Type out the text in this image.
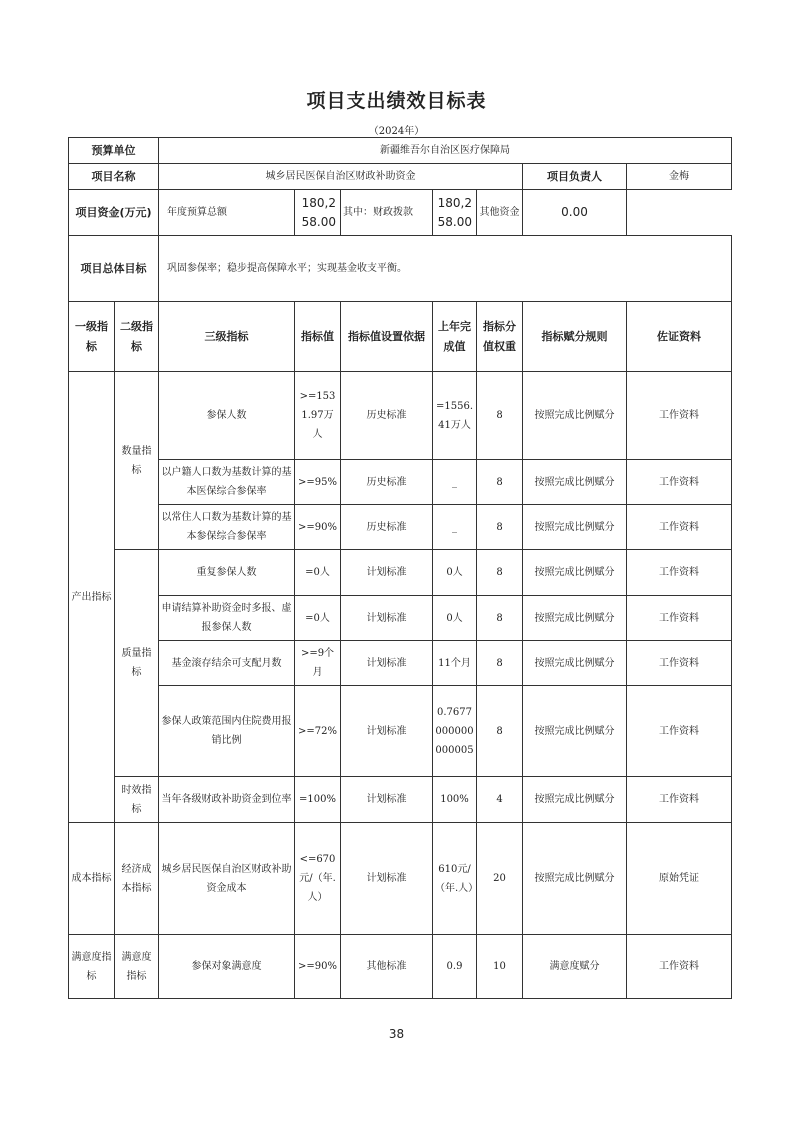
项目支出绩效目标表
（2024年）
预算单位		新疆维吾尔自治区医疗保障局						
项目名称		城乡居民医保自治区财政补助资金					项目负责人	金梅
项目资金(万元)		年度预算总额	180,258.00	其中：财政拨款	180,258.00	其他资金	0.00	
项目总体目标		巩固参保率；稳步提高保障水平；实现基金收支平衡。						
一级指标	二级指标	三级指标	指标值	指标值设置依据	上年完成值	指标分值权重	指标赋分规则	佐证资料
产出指标	数量指标	参保人数	>=1531.97万人	历史标准	=1556.41万人	8	按照完成比例赋分	工作资料
		以户籍人口数为基数计算的基本医保综合参保率	>=95%	历史标准	_	8	按照完成比例赋分	工作资料
		以常住人口数为基数计算的基本参保综合参保率	>=90%	历史标准	_	8	按照完成比例赋分	工作资料
	质量指标	重复参保人数	=0人	计划标准	0人	8	按照完成比例赋分	工作资料
		申请结算补助资金时多报、虚报参保人数	=0人	计划标准	0人	8	按照完成比例赋分	工作资料
		基金滚存结余可支配月数	>=9个月	计划标准	11个月	8	按照完成比例赋分	工作资料
		参保人政策范围内住院费用报销比例	>=72%	计划标准	0.7677000000000005	8	按照完成比例赋分	工作资料
	时效指标	当年各级财政补助资金到位率	=100%	计划标准	100%	4	按照完成比例赋分	工作资料
成本指标	经济成本指标	城乡居民医保自治区财政补助资金成本	<=670元/（年.人）	计划标准	610元/（年.人）	20	按照完成比例赋分	原始凭证
满意度指标	满意度指标	参保对象满意度	>=90%	其他标准	0.9	10	满意度赋分	工作资料
38
